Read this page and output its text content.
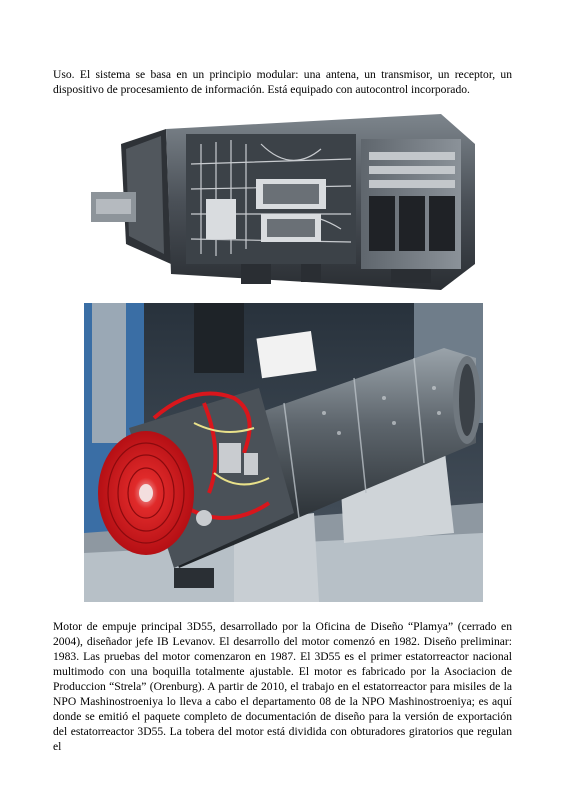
Uso. El sistema se basa en un principio modular: una antena, un transmisor, un receptor, un dispositivo de procesamiento de información. Está equipado con autocontrol incorporado.

Motor de empuje principal 3D55, desarrollado por la Oficina de Diseño “Plamya” (cerrado en 2004), diseñador jefe IB Levanov. El desarrollo del motor comenzó en 1982. Diseño preliminar: 1983. Las pruebas del motor comenzaron en 1987. El 3D55 es el primer estatorreactor nacional multimodo con una boquilla totalmente ajustable. El motor es fabricado por la Asociacion de Produccion “Strela” (Orenburg). A partir de 2010, el trabajo en el estatorreactor para misiles de la NPO Mashinostroeniya lo lleva a cabo el departamento 08 de la NPO Mashinostroeniya; es aquí donde se emitió el paquete completo de documentación de diseño para la versión de exportación del estatorreactor 3D55. La tobera del motor está dividida con obturadores giratorios que regulan el
